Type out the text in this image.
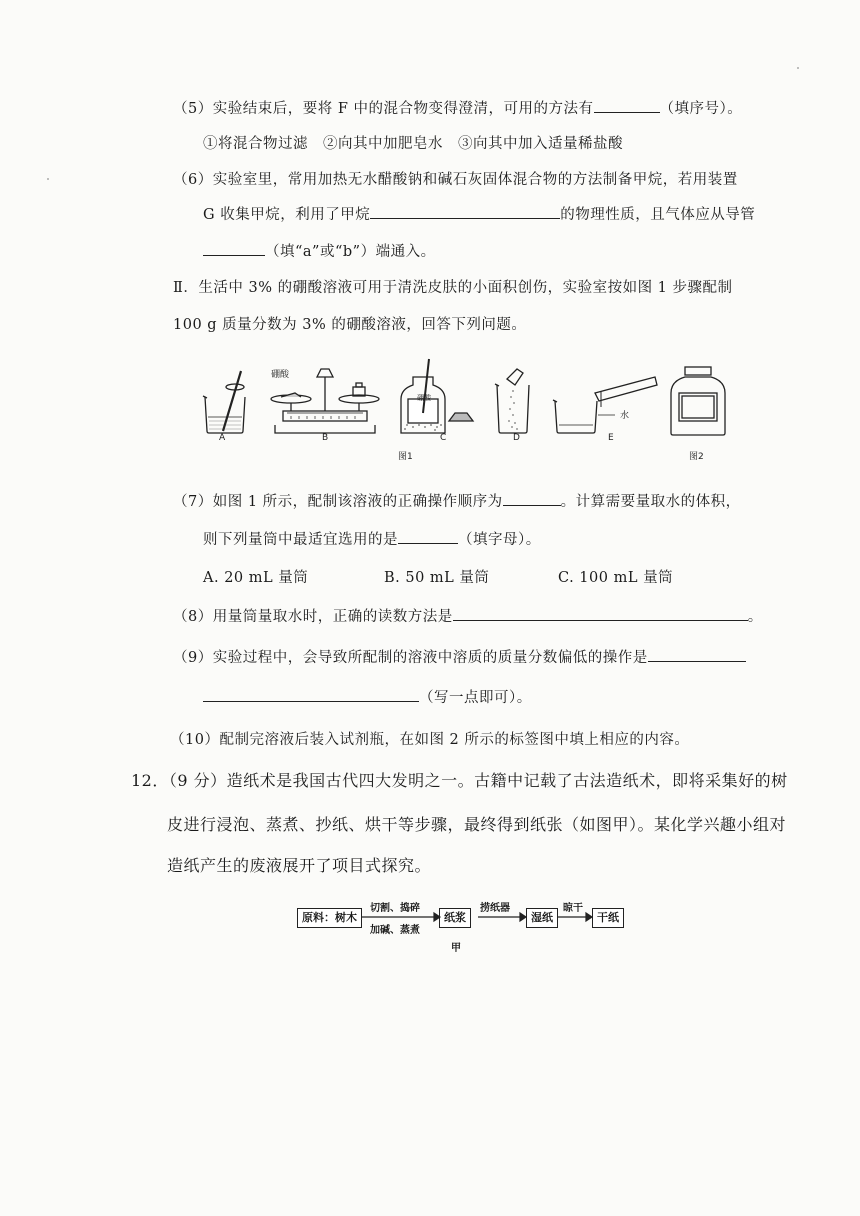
（5）实验结束后，要将 F 中的混合物变得澄清，可用的方法有	（填序号）。
①将混合物过滤　②向其中加肥皂水　③向其中加入适量稀盐酸
（6）实验室里，常用加热无水醋酸钠和碱石灰固体混合物的方法制备甲烷，若用装置
G 收集甲烷，利用了甲烷	的物理性质，且气体应从导管
（填“a”或“b”）端通入。
Ⅱ．生活中 3% 的硼酸溶液可用于清洗皮肤的小面积创伤，实验室按如图 1 步骤配制
100 g 质量分数为 3% 的硼酸溶液，回答下列问题。
硼酸
硼酸
水
A	B	C	D	E
图1	图2
（7）如图 1 所示，配制该溶液的正确操作顺序为	。计算需要量取水的体积，
则下列量筒中最适宜选用的是	（填字母）。
A. 20 mL 量筒	B. 50 mL 量筒	C. 100 mL 量筒
（8）用量筒量取水时，正确的读数方法是	。
（9）实验过程中，会导致所配制的溶液中溶质的质量分数偏低的操作是
（写一点即可）。
（10）配制完溶液后装入试剂瓶，在如图 2 所示的标签图中填上相应的内容。
12．（9 分）造纸术是我国古代四大发明之一。古籍中记载了古法造纸术，即将采集好的树
皮进行浸泡、蒸煮、抄纸、烘干等步骤，最终得到纸张（如图甲）。某化学兴趣小组对
造纸产生的废液展开了项目式探究。
原料：树木
切割、捣碎
加碱、蒸煮
纸浆
捞纸器
湿纸
晾干
干纸
甲
